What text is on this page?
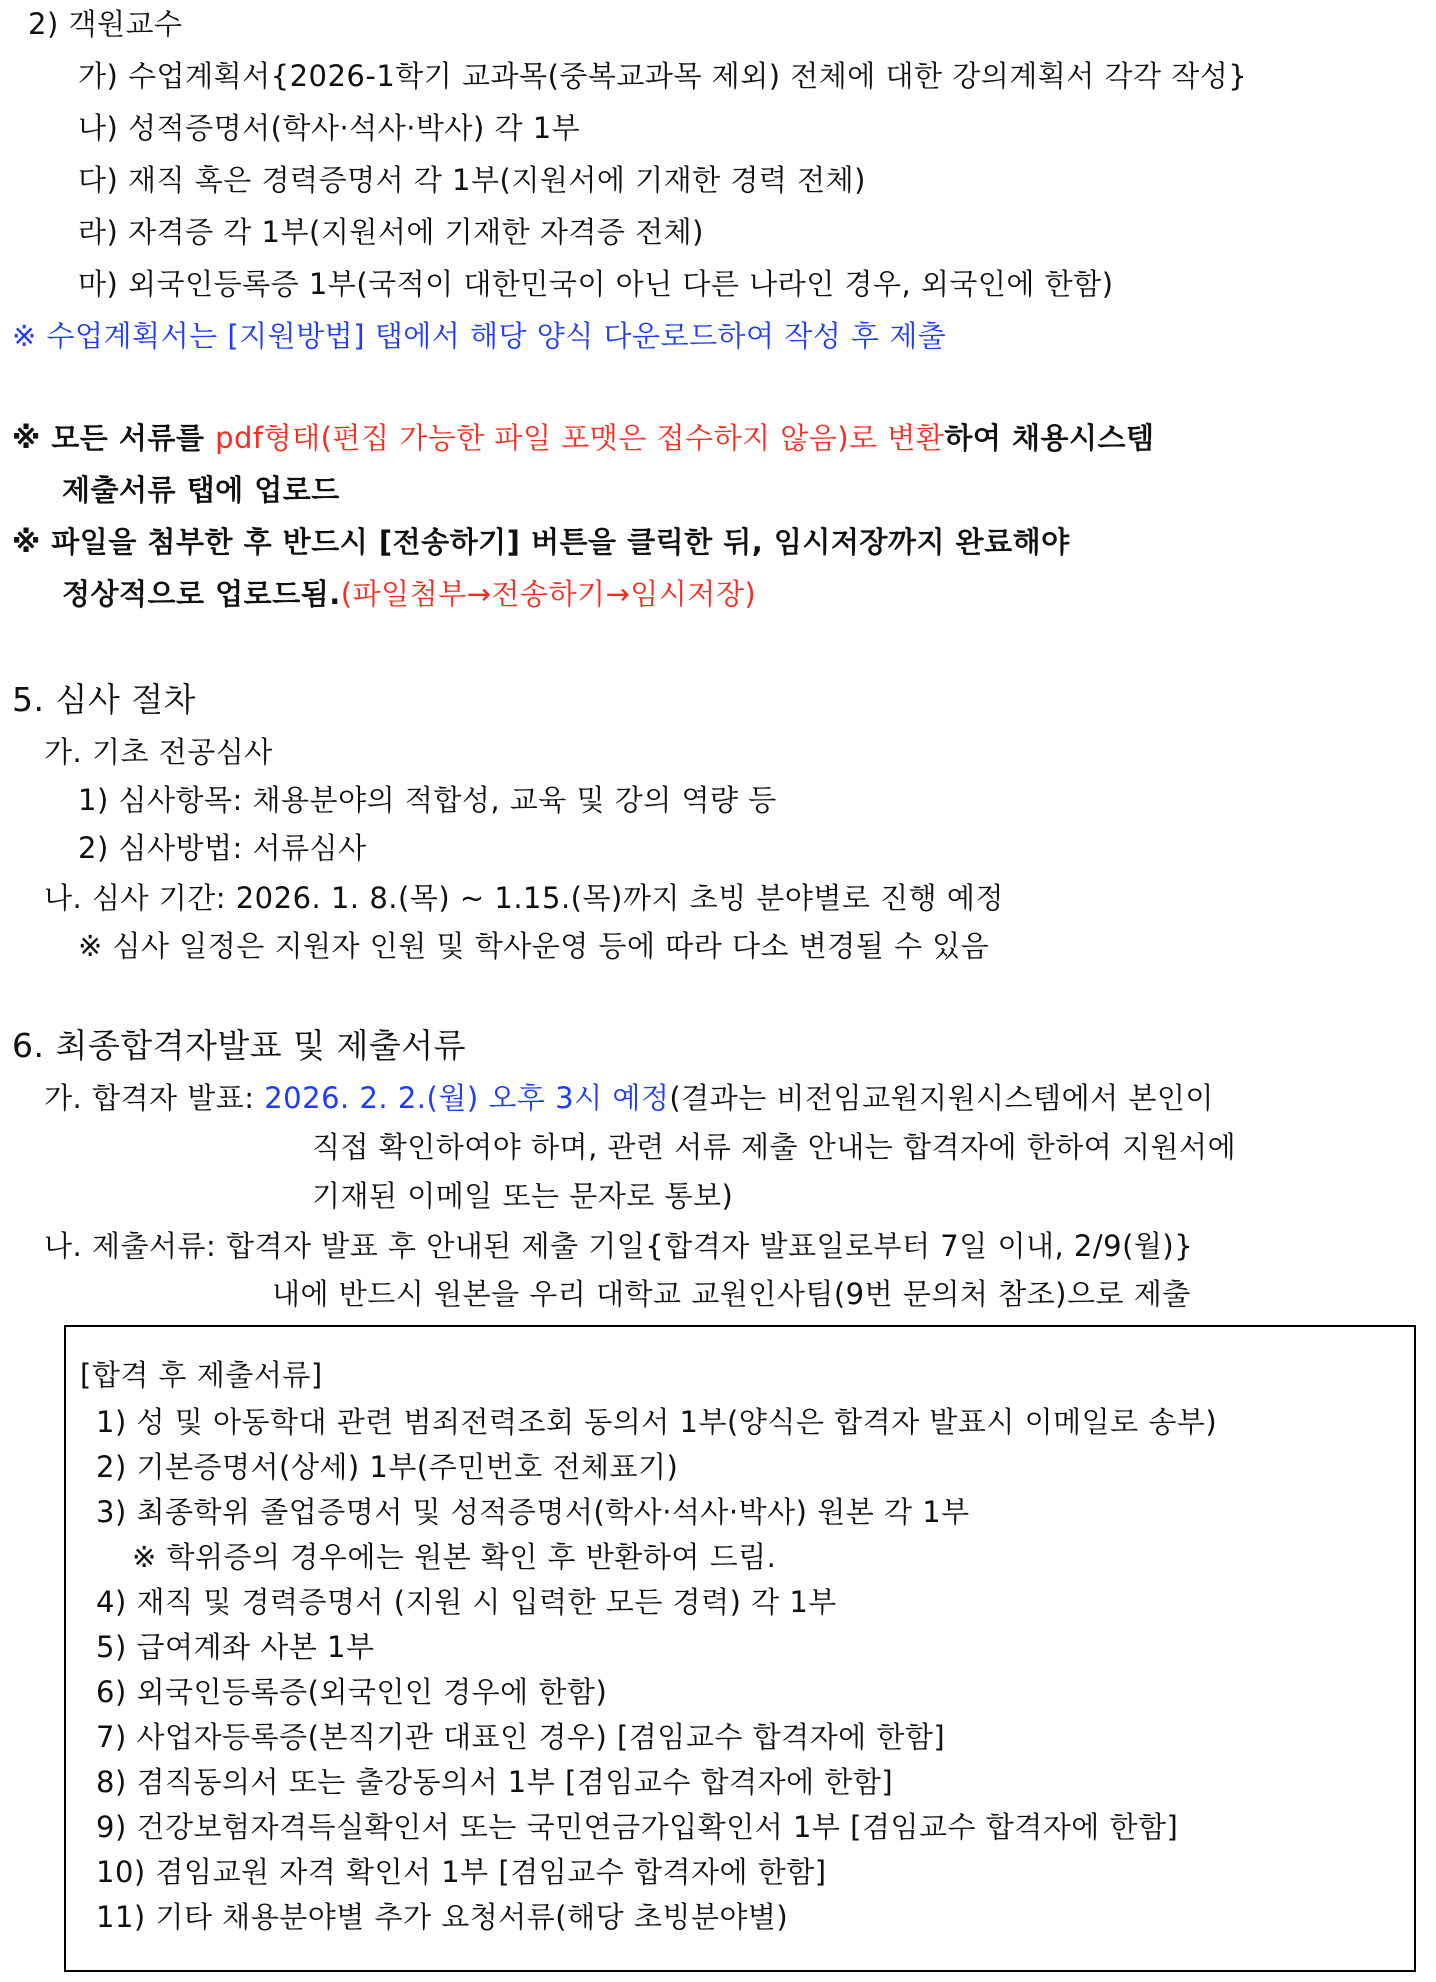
2) 객원교수
가) 수업계획서{2026-1학기 교과목(중복교과목 제외) 전체에 대한 강의계획서 각각 작성}
나) 성적증명서(학사·석사·박사) 각 1부
다) 재직 혹은 경력증명서 각 1부(지원서에 기재한 경력 전체)
라) 자격증 각 1부(지원서에 기재한 자격증 전체)
마) 외국인등록증 1부(국적이 대한민국이 아닌 다른 나라인 경우, 외국인에 한함)
※ 수업계획서는 [지원방법] 탭에서 해당 양식 다운로드하여 작성 후 제출
※ 모든 서류를 pdf형태(편집 가능한 파일 포맷은 접수하지 않음)로 변환하여 채용시스템
제출서류 탭에 업로드
※ 파일을 첨부한 후 반드시 [전송하기] 버튼을 클릭한 뒤, 임시저장까지 완료해야
정상적으로 업로드됨.(파일첨부→전송하기→임시저장)
5. 심사 절차
가. 기초 전공심사
1) 심사항목: 채용분야의 적합성, 교육 및 강의 역량 등
2) 심사방법: 서류심사
나. 심사 기간: 2026. 1. 8.(목) ~ 1.15.(목)까지 초빙 분야별로 진행 예정
※ 심사 일정은 지원자 인원 및 학사운영 등에 따라 다소 변경될 수 있음
6. 최종합격자발표 및 제출서류
가. 합격자 발표: 2026. 2. 2.(월) 오후 3시 예정(결과는 비전임교원지원시스템에서 본인이
직접 확인하여야 하며, 관련 서류 제출 안내는 합격자에 한하여 지원서에
기재된 이메일 또는 문자로 통보)
나. 제출서류: 합격자 발표 후 안내된 제출 기일{합격자 발표일로부터 7일 이내, 2/9(월)}
내에 반드시 원본을 우리 대학교 교원인사팀(9번 문의처 참조)으로 제출
[합격 후 제출서류]
1) 성 및 아동학대 관련 범죄전력조회 동의서 1부(양식은 합격자 발표시 이메일로 송부)
2) 기본증명서(상세) 1부(주민번호 전체표기)
3) 최종학위 졸업증명서 및 성적증명서(학사·석사·박사) 원본 각 1부
※ 학위증의 경우에는 원본 확인 후 반환하여 드림.
4) 재직 및 경력증명서 (지원 시 입력한 모든 경력) 각 1부
5) 급여계좌 사본 1부
6) 외국인등록증(외국인인 경우에 한함)
7) 사업자등록증(본직기관 대표인 경우) [겸임교수 합격자에 한함]
8) 겸직동의서 또는 출강동의서 1부 [겸임교수 합격자에 한함]
9) 건강보험자격득실확인서 또는 국민연금가입확인서 1부 [겸임교수 합격자에 한함]
10) 겸임교원 자격 확인서 1부 [겸임교수 합격자에 한함]
11) 기타 채용분야별 추가 요청서류(해당 초빙분야별)
